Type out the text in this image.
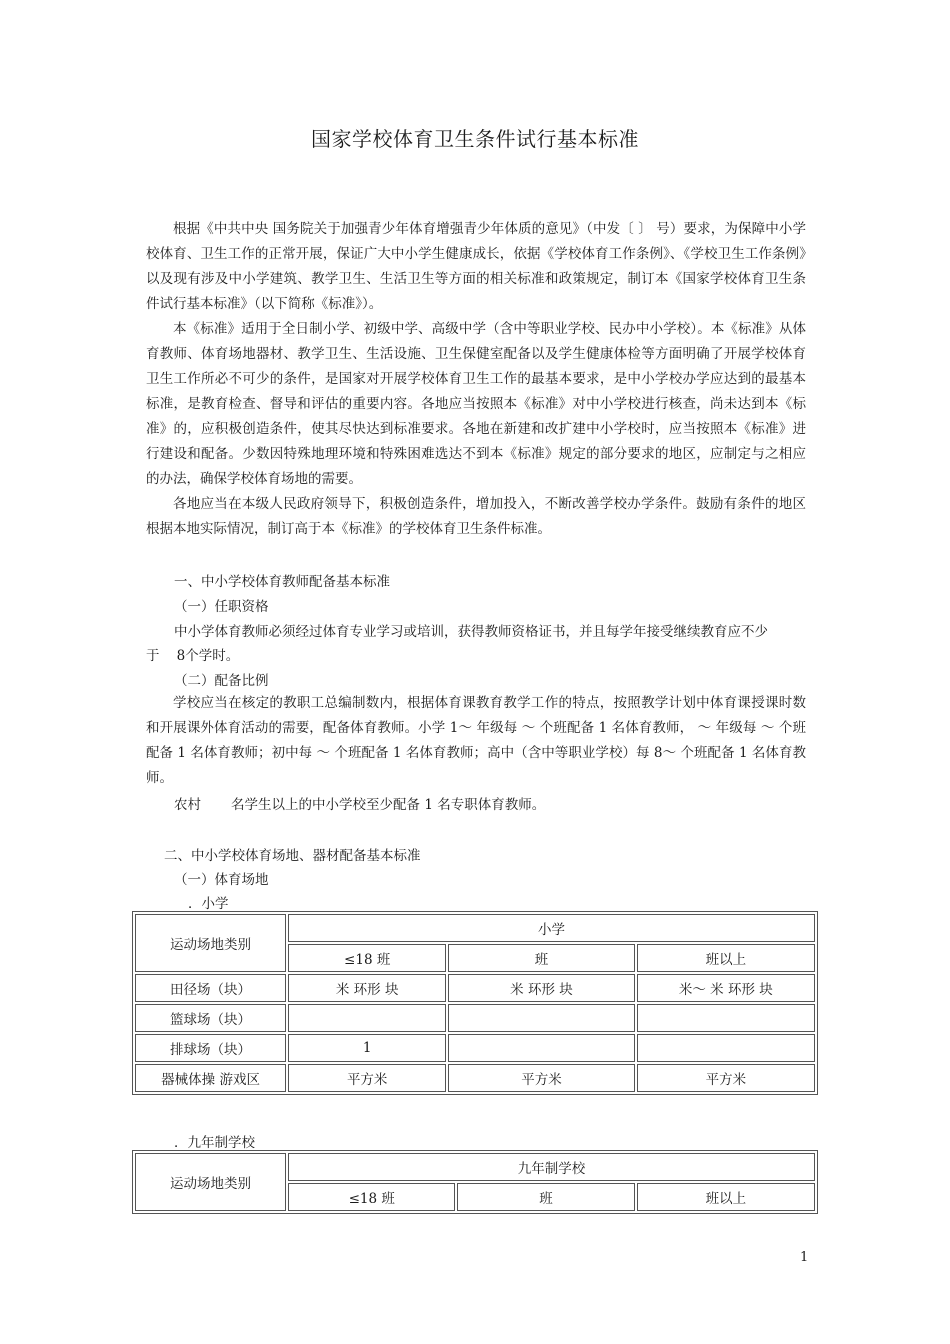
国家学校体育卫生条件试行基本标准

根据《中共中央 国务院关于加强青少年体育增强青少年体质的意见》（中发〔 〕 号）要求，为保障中小学校体育、卫生工作的正常开展，保证广大中小学生健康成长，依据《学校体育工作条例》、《学校卫生工作条例》以及现有涉及中小学建筑、教学卫生、生活卫生等方面的相关标准和政策规定，制订本《国家学校体育卫生条件试行基本标准》（以下简称《标准》）。

本《标准》适用于全日制小学、初级中学、高级中学（含中等职业学校、民办中小学校）。本《标准》从体育教师、体育场地器材、教学卫生、生活设施、卫生保健室配备以及学生健康体检等方面明确了开展学校体育卫生工作所必不可少的条件，是国家对开展学校体育卫生工作的最基本要求，是中小学校办学应达到的最基本标准，是教育检查、督导和评估的重要内容。各地应当按照本《标准》对中小学校进行核查，尚未达到本《标准》的，应积极创造条件，使其尽快达到标准要求。各地在新建和改扩建中小学校时，应当按照本《标准》进行建设和配备。少数因特殊地理环境和特殊困难选达不到本《标准》规定的部分要求的地区，应制定与之相应的办法，确保学校体育场地的需要。

各地应当在本级人民政府领导下，积极创造条件，增加投入，不断改善学校办学条件。鼓励有条件的地区根据本地实际情况，制订高于本《标准》的学校体育卫生条件标准。

一、中小学校体育教师配备基本标准
（一）任职资格
中小学体育教师必须经过体育专业学习或培训，获得教师资格证书，并且每学年接受继续教育应不少
于    8个学时。
（二）配备比例

学校应当在核定的教职工总编制数内，根据体育课教育教学工作的特点，按照教学计划中体育课授课时数和开展课外体育活动的需要，配备体育教师。小学 1～ 年级每 ～ 个班配备 1 名体育教师， ～ 年级每 ～ 个班配备 1 名体育教师；初中每 ～ 个班配备 1 名体育教师；高中（含中等职业学校）每 8～ 个班配备 1 名体育教师。

农村       名学生以上的中小学校至少配备 1 名专职体育教师。
二、中小学校体育场地、器材配备基本标准
（一）体育场地
．小学
运动场地类别	小学		
	≤18 班	班	班以上
田径场（块）	米 环形 块	米 环形 块	米～ 米 环形 块
篮球场（块）			
排球场（块）	1		
器械体操 游戏区	平方米	平方米	平方米
．九年制学校
运动场地类别	九年制学校		
	≤18 班	班	班以上
1
